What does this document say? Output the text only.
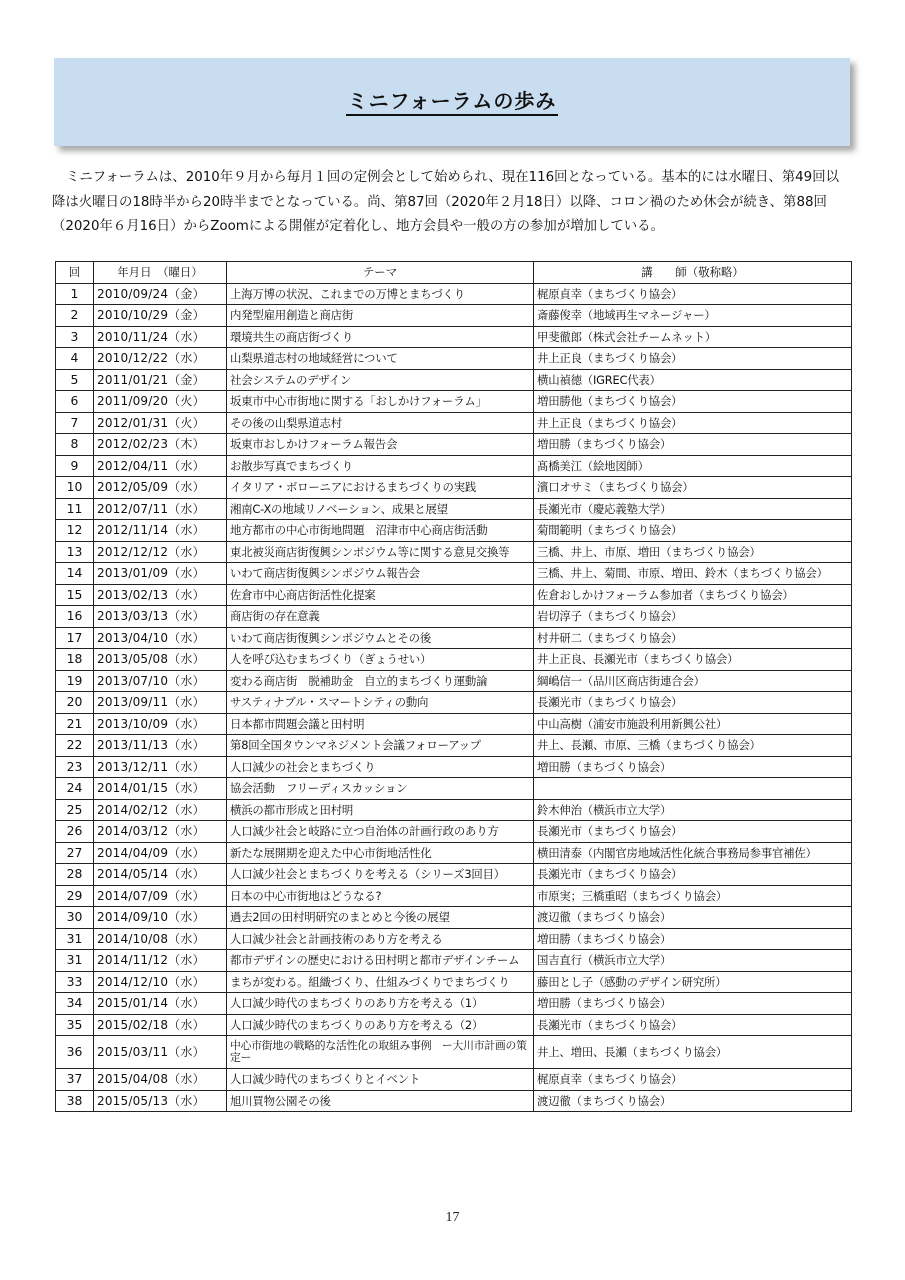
ミニフォーラムの歩み

ミニフォーラムは、2010年９月から毎月１回の定例会として始められ、現在116回となっている。基本的には水曜日、第49回以降は火曜日の18時半から20時半までとなっている。尚、第87回（2020年２月18日）以降、コロン禍のため休会が続き、第88回（2020年６月16日）からZoomによる開催が定着化し、地方会員や一般の方の参加が増加している。

回	年月日　（曜日）	テーマ	講　　師（敬称略）
1	2010/09/24（金）	上海万博の状況、これまでの万博とまちづくり	梶原貞幸（まちづくり協会）
2	2010/10/29（金）	内発型雇用創造と商店街	斎藤俊幸（地域再生マネージャー）
3	2010/11/24（水）	環境共生の商店街づくり	甲斐徹郎（株式会社チームネット）
4	2010/12/22（水）	山梨県道志村の地域経営について	井上正良（まちづくり協会）
5	2011/01/21（金）	社会システムのデザイン	横山禎徳（IGREC代表）
6	2011/09/20（火）	坂東市中心市街地に関する「おしかけフォーラム」	増田勝他（まちづくり協会）
7	2012/01/31（火）	その後の山梨県道志村	井上正良（まちづくり協会）
8	2012/02/23（木）	坂東市おしかけフォーラム報告会	増田勝（まちづくり協会）
9	2012/04/11（水）	お散歩写真でまちづくり	髙橋美江（絵地図師）
10	2012/05/09（水）	イタリア・ボローニアにおけるまちづくりの実践	濱口オサミ（まちづくり協会）
11	2012/07/11（水）	湘南C-Xの地域リノベーション、成果と展望	長瀬光市（慶応義塾大学）
12	2012/11/14（水）	地方都市の中心市街地問題　沼津市中心商店街活動	菊間範明（まちづくり協会）
13	2012/12/12（水）	東北被災商店街復興シンポジウム等に関する意見交換等	三橋、井上、市原、増田（まちづくり協会）
14	2013/01/09（水）	いわて商店街復興シンポジウム報告会	三橋、井上、菊間、市原、増田、鈴木（まちづくり協会）
15	2013/02/13（水）	佐倉市中心商店街活性化提案	佐倉おしかけフォーラム参加者（まちづくり協会）
16	2013/03/13（水）	商店街の存在意義	岩切淳子（まちづくり協会）
17	2013/04/10（水）	いわて商店街復興シンポジウムとその後	村井研二（まちづくり協会）
18	2013/05/08（水）	人を呼び込むまちづくり（ぎょうせい）	井上正良、長瀬光市（まちづくり協会）
19	2013/07/10（水）	変わる商店街　脱補助金　自立的まちづくり運動論	綱嶋信一（品川区商店街連合会）
20	2013/09/11（水）	サスティナブル・スマートシティの動向	長瀬光市（まちづくり協会）
21	2013/10/09（水）	日本都市問題会議と田村明	中山高樹（浦安市施設利用新興公社）
22	2013/11/13（水）	第8回全国タウンマネジメント会議フォローアップ	井上、長瀬、市原、三橋（まちづくり協会）
23	2013/12/11（水）	人口減少の社会とまちづくり	増田勝（まちづくり協会）
24	2014/01/15（水）	協会活動　フリーディスカッション	
25	2014/02/12（水）	横浜の都市形成と田村明	鈴木伸治（横浜市立大学）
26	2014/03/12（水）	人口減少社会と岐路に立つ自治体の計画行政のあり方	長瀬光市（まちづくり協会）
27	2014/04/09（水）	新たな展開期を迎えた中心市街地活性化	横田清泰（内閣官房地域活性化統合事務局参事官補佐）
28	2014/05/14（水）	人口減少社会とまちづくりを考える（シリーズ3回目）	長瀬光市（まちづくり協会）
29	2014/07/09（水）	日本の中心市街地はどうなる?	市原実；三橋重昭（まちづくり協会）
30	2014/09/10（水）	過去2回の田村明研究のまとめと今後の展望	渡辺徹（まちづくり協会）
31	2014/10/08（水）	人口減少社会と計画技術のあり方を考える	増田勝（まちづくり協会）
31	2014/11/12（水）	都市デザインの歴史における田村明と都市デザインチーム	国吉直行（横浜市立大学）
33	2014/12/10（水）	まちが変わる。組織づくり、仕組みづくりでまちづくり	藤田とし子（感動のデザイン研究所）
34	2015/01/14（水）	人口減少時代のまちづくりのあり方を考える（1）	増田勝（まちづくり協会）
35	2015/02/18（水）	人口減少時代のまちづくりのあり方を考える（2）	長瀬光市（まちづくり協会）
36	2015/03/11（水）	中心市街地の戦略的な活性化の取組み事例　ー大川市計画の策定ー	井上、増田、長瀬（まちづくり協会）
37	2015/04/08（水）	人口減少時代のまちづくりとイベント	梶原貞幸（まちづくり協会）
38	2015/05/13（水）	旭川買物公園その後	渡辺徹（まちづくり協会）
17
